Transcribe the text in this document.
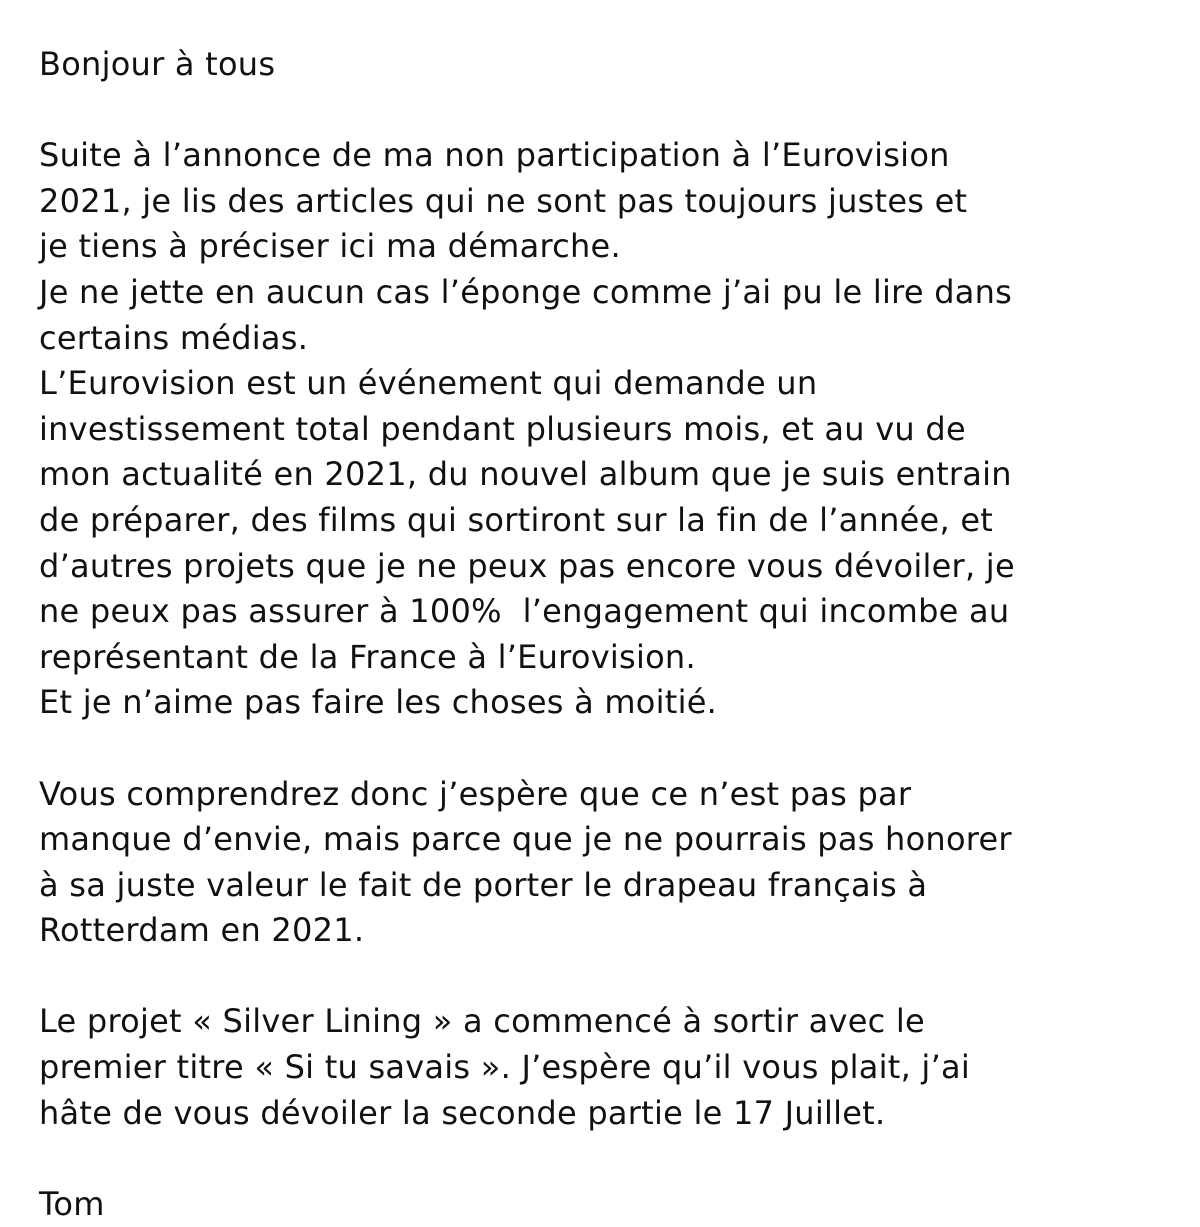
Bonjour à tous
Suite à l’annonce de ma non participation à l’Eurovision
2021, je lis des articles qui ne sont pas toujours justes et
je tiens à préciser ici ma démarche.
Je ne jette en aucun cas l’éponge comme j’ai pu le lire dans
certains médias.
L’Eurovision est un événement qui demande un
investissement total pendant plusieurs mois, et au vu de
mon actualité en 2021, du nouvel album que je suis entrain
de préparer, des films qui sortiront sur la fin de l’année, et
d’autres projets que je ne peux pas encore vous dévoiler, je
ne peux pas assurer à 100%  l’engagement qui incombe au
représentant de la France à l’Eurovision.
Et je n’aime pas faire les choses à moitié.
Vous comprendrez donc j’espère que ce n’est pas par
manque d’envie, mais parce que je ne pourrais pas honorer
à sa juste valeur le fait de porter le drapeau français à
Rotterdam en 2021.
Le projet « Silver Lining » a commencé à sortir avec le
premier titre « Si tu savais ». J’espère qu’il vous plait, j’ai
hâte de vous dévoiler la seconde partie le 17 Juillet.
Tom
